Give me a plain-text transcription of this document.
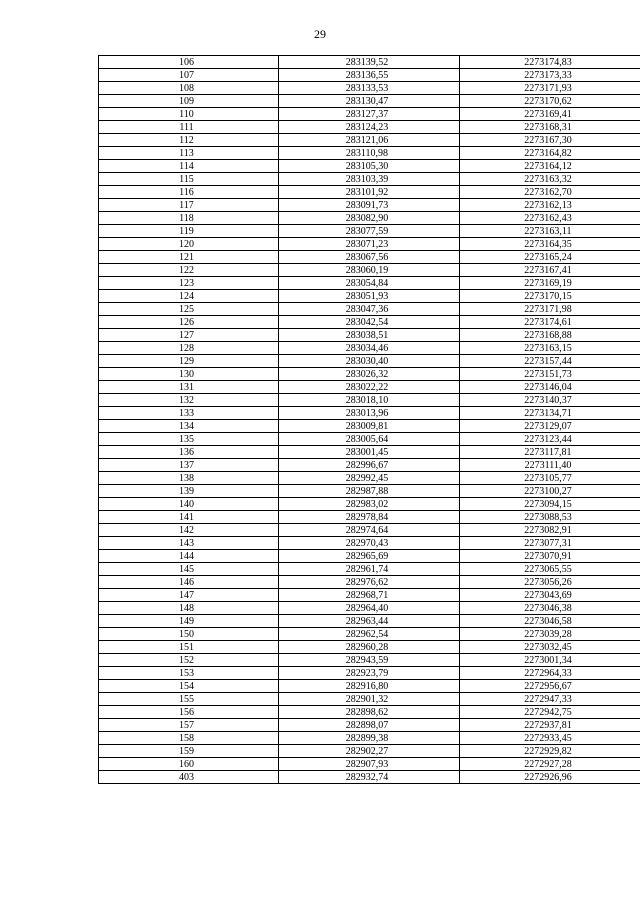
29
106	283139,52	2273174,83
107	283136,55	2273173,33
108	283133,53	2273171,93
109	283130,47	2273170,62
110	283127,37	2273169,41
111	283124,23	2273168,31
112	283121,06	2273167,30
113	283110,98	2273164,82
114	283105,30	2273164,12
115	283103,39	2273163,32
116	283101,92	2273162,70
117	283091,73	2273162,13
118	283082,90	2273162,43
119	283077,59	2273163,11
120	283071,23	2273164,35
121	283067,56	2273165,24
122	283060,19	2273167,41
123	283054,84	2273169,19
124	283051,93	2273170,15
125	283047,36	2273171,98
126	283042,54	2273174,61
127	283038,51	2273168,88
128	283034,46	2273163,15
129	283030,40	2273157,44
130	283026,32	2273151,73
131	283022,22	2273146,04
132	283018,10	2273140,37
133	283013,96	2273134,71
134	283009,81	2273129,07
135	283005,64	2273123,44
136	283001,45	2273117,81
137	282996,67	2273111,40
138	282992,45	2273105,77
139	282987,88	2273100,27
140	282983,02	2273094,15
141	282978,84	2273088,53
142	282974,64	2273082,91
143	282970,43	2273077,31
144	282965,69	2273070,91
145	282961,74	2273065,55
146	282976,62	2273056,26
147	282968,71	2273043,69
148	282964,40	2273046,38
149	282963,44	2273046,58
150	282962,54	2273039,28
151	282960,28	2273032,45
152	282943,59	2273001,34
153	282923,79	2272964,33
154	282916,80	2272956,67
155	282901,32	2272947,33
156	282898,62	2272942,75
157	282898,07	2272937,81
158	282899,38	2272933,45
159	282902,27	2272929,82
160	282907,93	2272927,28
403	282932,74	2272926,96
